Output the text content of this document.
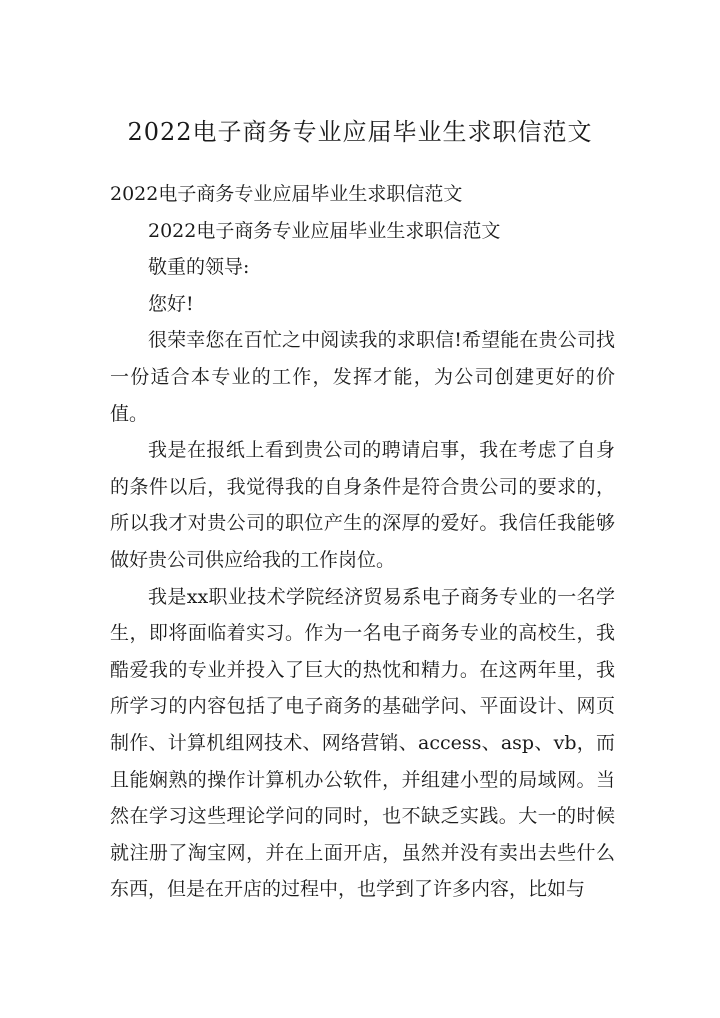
2022电子商务专业应届毕业生求职信范文

2022电子商务专业应届毕业生求职信范文

2022电子商务专业应届毕业生求职信范文

敬重的领导:

您好!

很荣幸您在百忙之中阅读我的求职信!希望能在贵公司找一份适合本专业的工作，发挥才能，为公司创建更好的价值。

我是在报纸上看到贵公司的聘请启事，我在考虑了自身的条件以后，我觉得我的自身条件是符合贵公司的要求的，所以我才对贵公司的职位产生的深厚的爱好。我信任我能够做好贵公司供应给我的工作岗位。

我是xx职业技术学院经济贸易系电子商务专业的一名学生，即将面临着实习。作为一名电子商务专业的高校生，我酷爱我的专业并投入了巨大的热忱和精力。在这两年里，我所学习的内容包括了电子商务的基础学问、平面设计、网页制作、计算机组网技术、网络营销、access、asp、vb，而且能娴熟的操作计算机办公软件，并组建小型的局域网。当然在学习这些理论学问的同时，也不缺乏实践。大一的时候就注册了淘宝网，并在上面开店，虽然并没有卖出去些什么东西，但是在开店的过程中，也学到了许多内容，比如与
